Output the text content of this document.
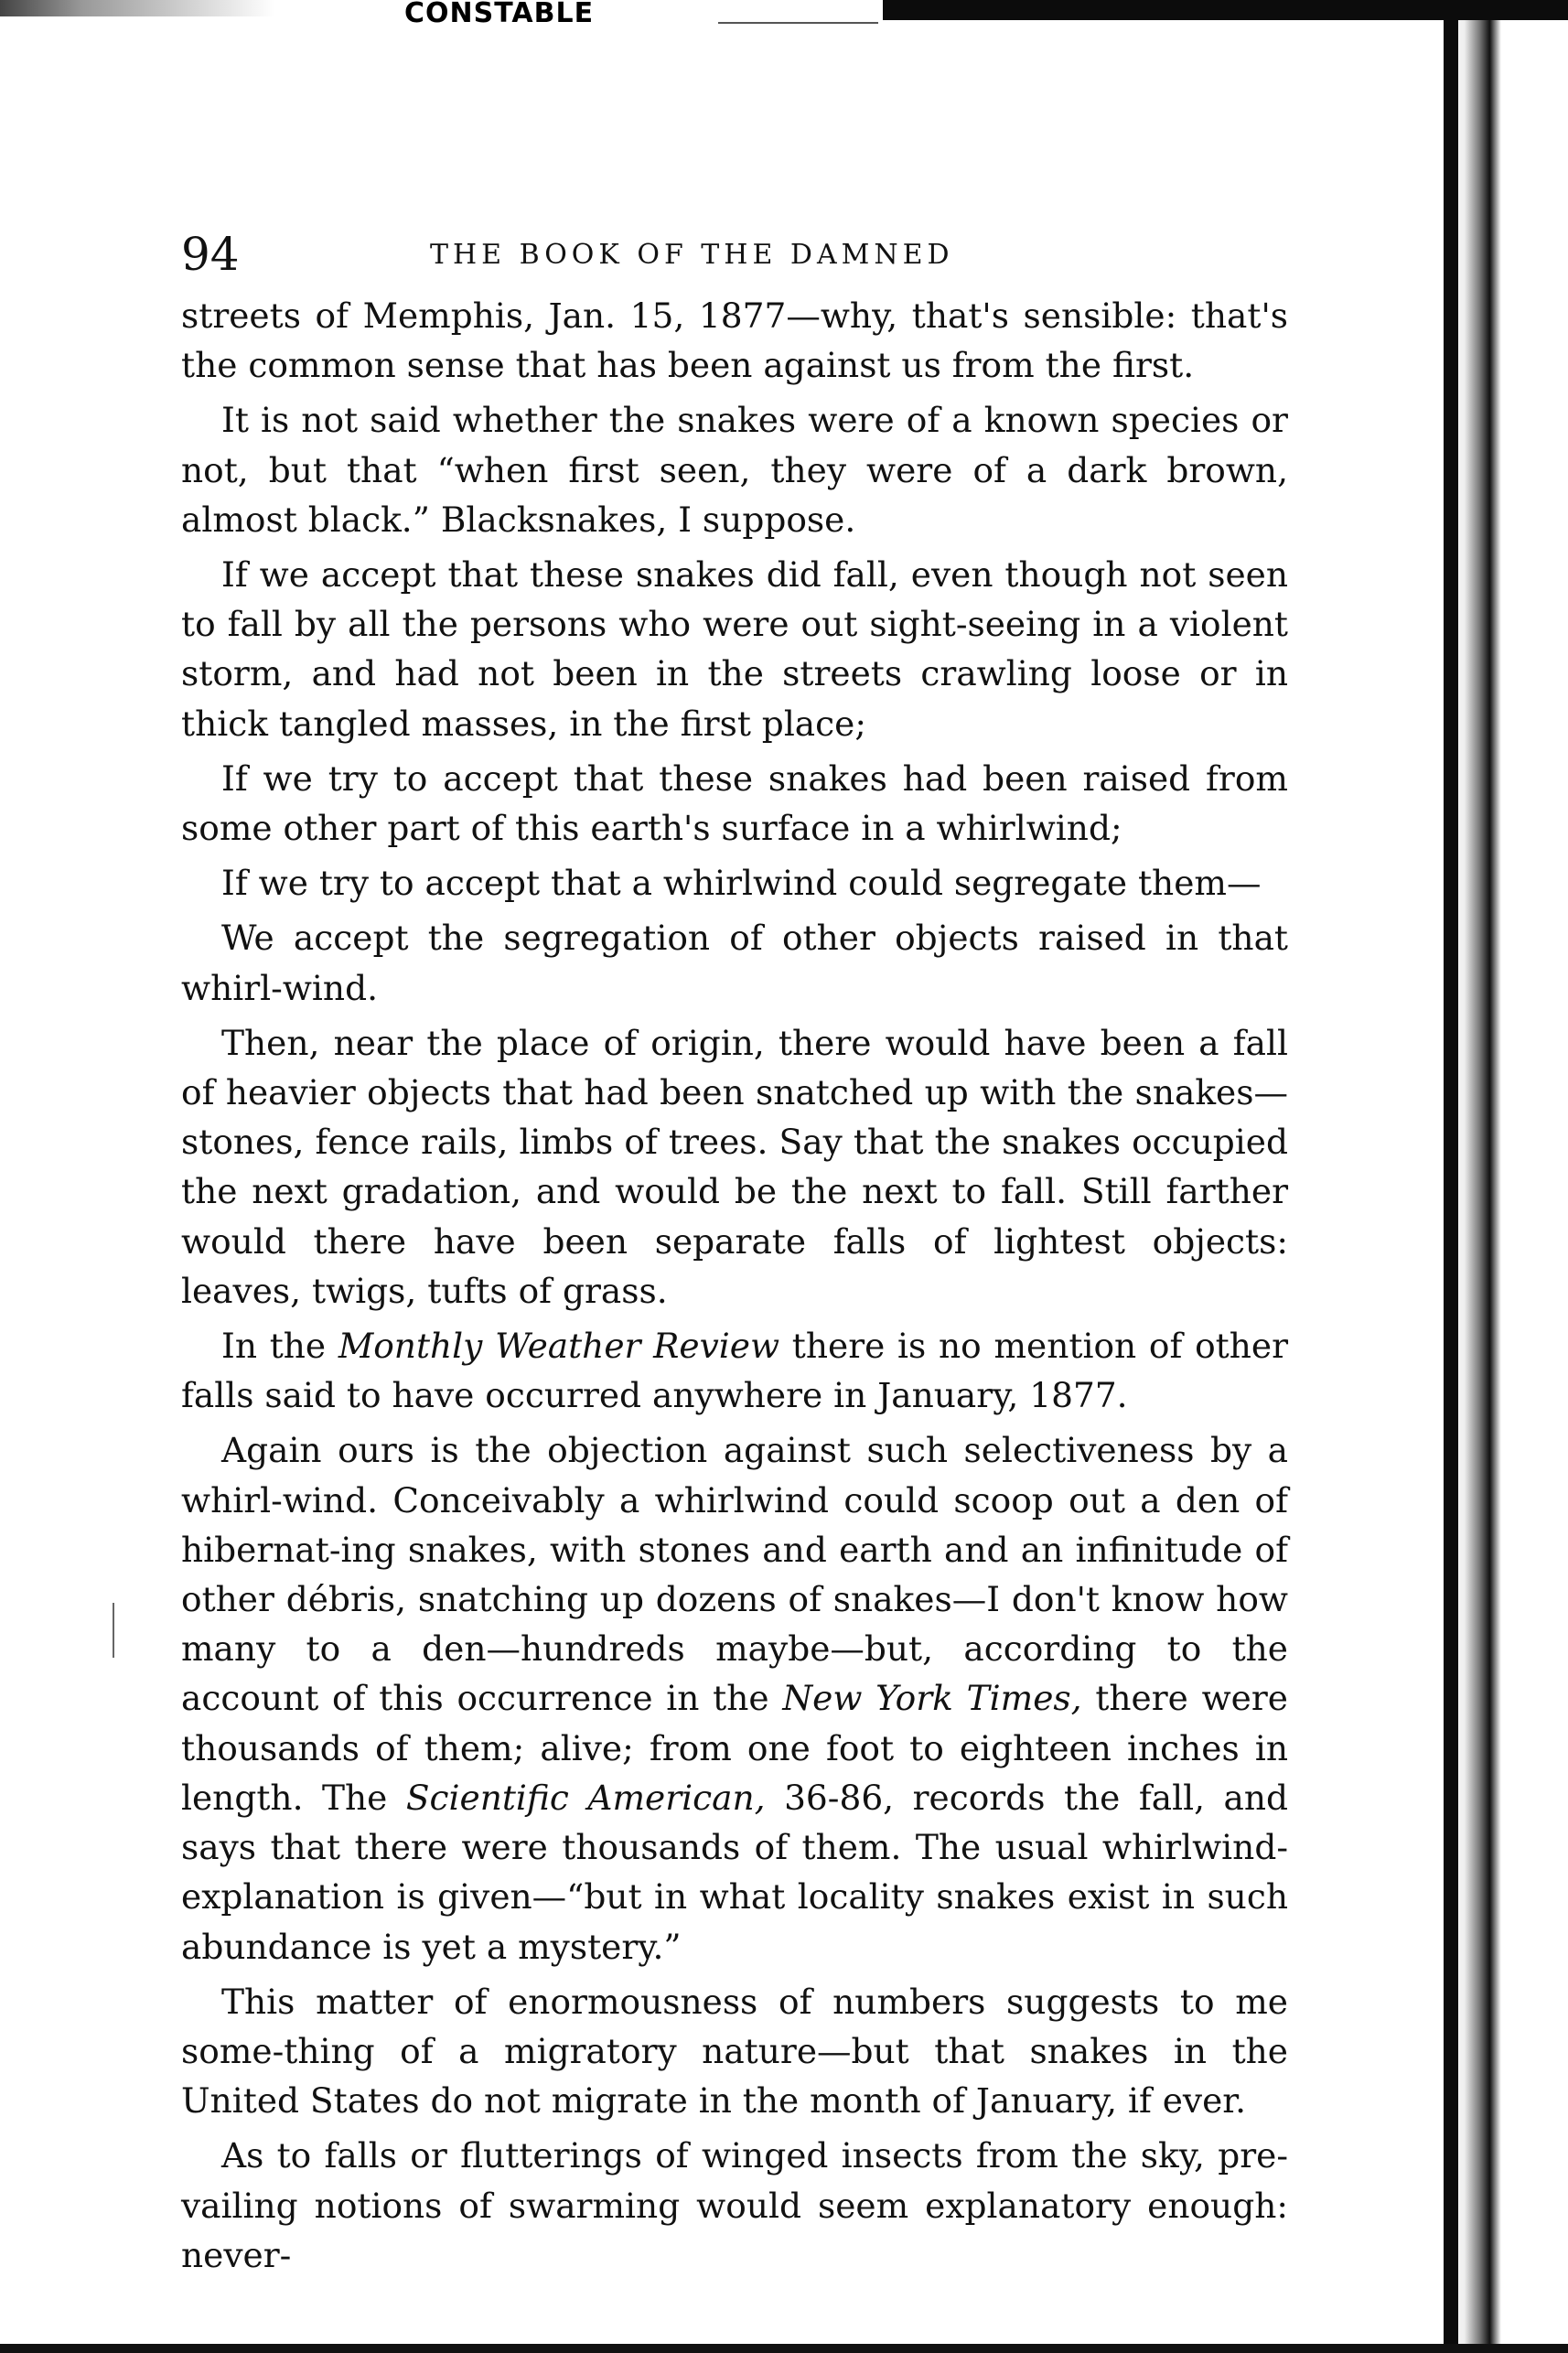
CONSTABLE
94	THE BOOK OF THE DAMNED

streets of Memphis, Jan. 15, 1877—why, that's sensible: that's the common sense that has been against us from the first.

It is not said whether the snakes were of a known species or not, but that “when first seen, they were of a dark brown, almost black.” Blacksnakes, I suppose.

If we accept that these snakes did fall, even though not seen to fall by all the persons who were out sight-seeing in a violent storm, and had not been in the streets crawling loose or in thick tangled masses, in the first place;

If we try to accept that these snakes had been raised from some other part of this earth's surface in a whirlwind;

If we try to accept that a whirlwind could segregate them—

We accept the segregation of other objects raised in that whirl-wind.

Then, near the place of origin, there would have been a fall of heavier objects that had been snatched up with the snakes—stones, fence rails, limbs of trees. Say that the snakes occupied the next gradation, and would be the next to fall. Still farther would there have been separate falls of lightest objects: leaves, twigs, tufts of grass.

In the Monthly Weather Review there is no mention of other falls said to have occurred anywhere in January, 1877.

Again ours is the objection against such selectiveness by a whirl-wind. Conceivably a whirlwind could scoop out a den of hibernat-ing snakes, with stones and earth and an infinitude of other débris, snatching up dozens of snakes—I don't know how many to a den—hundreds maybe—but, according to the account of this occurrence in the New York Times, there were thousands of them; alive; from one foot to eighteen inches in length. The Scientific American, 36-86, records the fall, and says that there were thousands of them. The usual whirlwind-explanation is given—“but in what locality snakes exist in such abundance is yet a mystery.”

This matter of enormousness of numbers suggests to me some-thing of a migratory nature—but that snakes in the United States do not migrate in the month of January, if ever.

As to falls or flutterings of winged insects from the sky, pre-vailing notions of swarming would seem explanatory enough: never-
